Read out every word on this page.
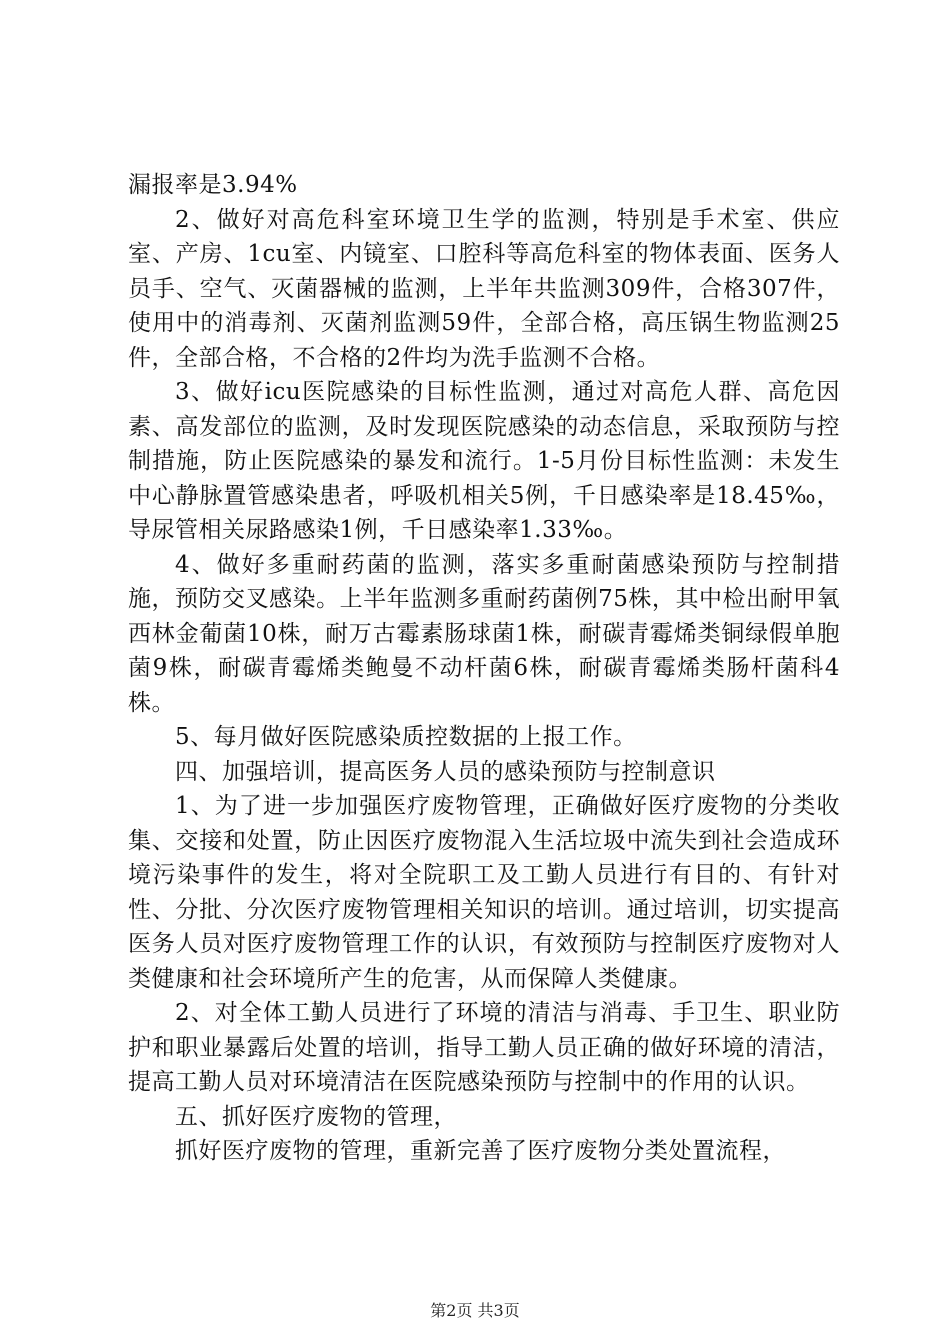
漏报率是3.94%

2、做好对高危科室环境卫生学的监测，特别是手术室、供应室、产房、1cu室、内镜室、口腔科等高危科室的物体表面、医务人员手、空气、灭菌器械的监测，上半年共监测309件，合格307件，使用中的消毒剂、灭菌剂监测59件，全部合格，高压锅生物监测25件，全部合格，不合格的2件均为洗手监测不合格。

3、做好icu医院感染的目标性监测，通过对高危人群、高危因素、高发部位的监测，及时发现医院感染的动态信息，采取预防与控制措施，防止医院感染的暴发和流行。1-5月份目标性监测：未发生中心静脉置管感染患者，呼吸机相关5例，千日感染率是18.45‰，导尿管相关尿路感染1例，千日感染率1.33‰。

4、做好多重耐药菌的监测，落实多重耐菌感染预防与控制措施，预防交叉感染。上半年监测多重耐药菌例75株，其中检出耐甲氧西林金葡菌10株，耐万古霉素肠球菌1株，耐碳青霉烯类铜绿假单胞菌9株，耐碳青霉烯类鲍曼不动杆菌6株，耐碳青霉烯类肠杆菌科4株。

5、每月做好医院感染质控数据的上报工作。

四、加强培训，提高医务人员的感染预防与控制意识

1、为了进一步加强医疗废物管理，正确做好医疗废物的分类收集、交接和处置，防止因医疗废物混入生活垃圾中流失到社会造成环境污染事件的发生，将对全院职工及工勤人员进行有目的、有针对性、分批、分次医疗废物管理相关知识的培训。通过培训，切实提高医务人员对医疗废物管理工作的认识，有效预防与控制医疗废物对人类健康和社会环境所产生的危害，从而保障人类健康。

2、对全体工勤人员进行了环境的清洁与消毒、手卫生、职业防护和职业暴露后处置的培训，指导工勤人员正确的做好环境的清洁，提高工勤人员对环境清洁在医院感染预防与控制中的作用的认识。

五、抓好医疗废物的管理，

抓好医疗废物的管理，重新完善了医疗废物分类处置流程，

第2页 共3页
